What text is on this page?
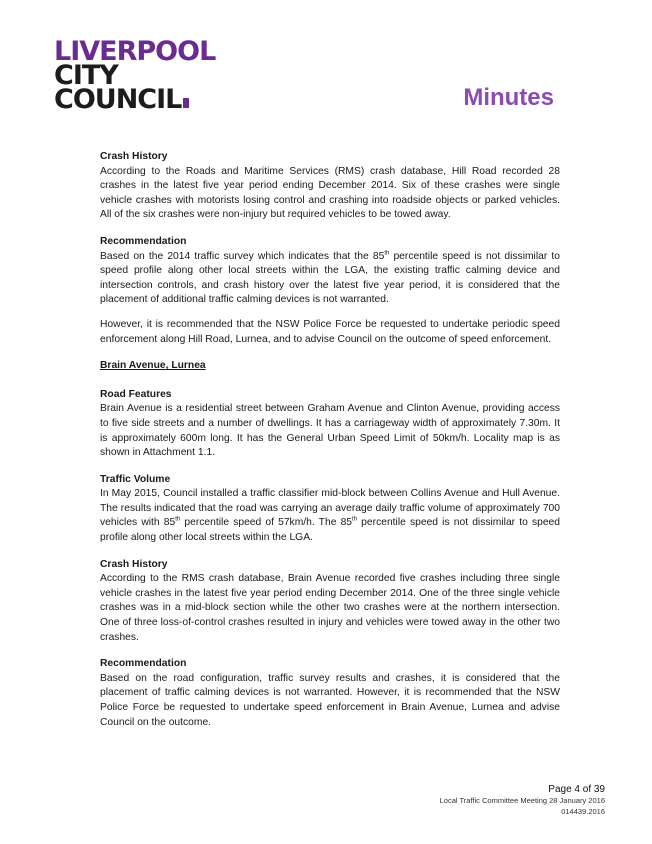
LIVERPOOL
CITY
COUNCIL	Minutes
Crash History

According to the Roads and Maritime Services (RMS) crash database, Hill Road recorded 28 crashes in the latest five year period ending December 2014. Six of these crashes were single vehicle crashes with motorists losing control and crashing into roadside objects or parked vehicles. All of the six crashes were non-injury but required vehicles to be towed away.

Recommendation

Based on the 2014 traffic survey which indicates that the 85th percentile speed is not dissimilar to speed profile along other local streets within the LGA, the existing traffic calming device and intersection controls, and crash history over the latest five year period, it is considered that the placement of additional traffic calming devices is not warranted.

However, it is recommended that the NSW Police Force be requested to undertake periodic speed enforcement along Hill Road, Lurnea, and to advise Council on the outcome of speed enforcement.

Brain Avenue, Lurnea
Road Features

Brain Avenue is a residential street between Graham Avenue and Clinton Avenue, providing access to five side streets and a number of dwellings. It has a carriageway width of approximately 7.30m. It is approximately 600m long. It has the General Urban Speed Limit of 50km/h. Locality map is as shown in Attachment 1.1.

Traffic Volume

In May 2015, Council installed a traffic classifier mid-block between Collins Avenue and Hull Avenue. The results indicated that the road was carrying an average daily traffic volume of approximately 700 vehicles with 85th percentile speed of 57km/h. The 85th percentile speed is not dissimilar to speed profile along other local streets within the LGA.

Crash History

According to the RMS crash database, Brain Avenue recorded five crashes including three single vehicle crashes in the latest five year period ending December 2014. One of the three single vehicle crashes was in a mid-block section while the other two crashes were at the northern intersection. One of three loss-of-control crashes resulted in injury and vehicles were towed away in the other two crashes.

Recommendation

Based on the road configuration, traffic survey results and crashes, it is considered that the placement of traffic calming devices is not warranted. However, it is recommended that the NSW Police Force be requested to undertake speed enforcement in Brain Avenue, Lurnea and advise Council on the outcome.

Page 4 of 39
Local Traffic Committee Meeting 28 January 2016
014439.2016
